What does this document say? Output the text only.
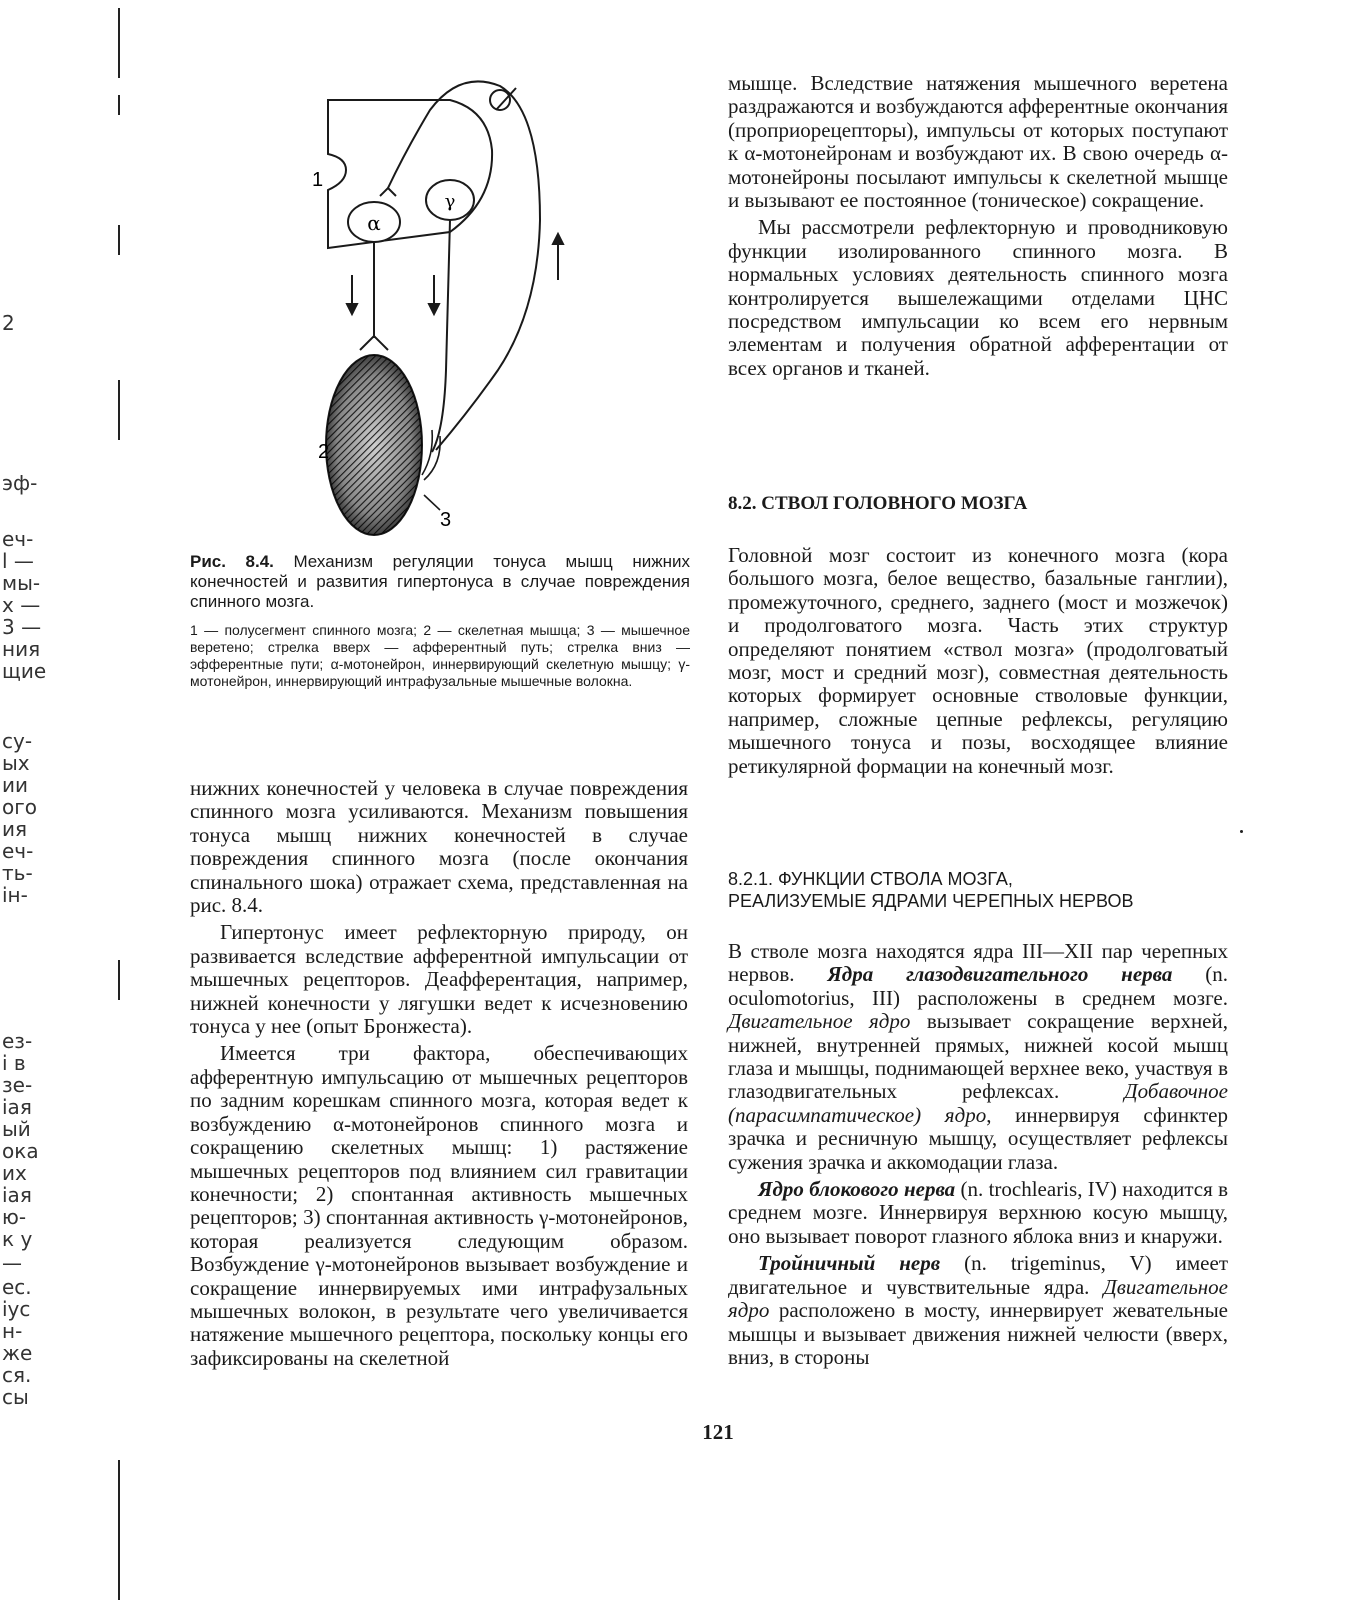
2
эф-
еч-
l —
мы-
x —
3 —
ния
щие
су-
ых
ии
ого
ия
еч-
ть-
ін-
ез-
і в
зе-
іая
ый
ока
их
іая
ю-
к у
—
ес.
іус
н-
же
ся.
сы
α
γ
1
2
3

Рис. 8.4. Механизм регуляции тонуса мышц нижних конечностей и развития гипертонуса в случае повреждения спинного мозга.

1 — полусегмент спинного мозга; 2 — скелетная мышца; 3 — мышечное веретено; стрелка вверх — афферентный путь; стрелка вниз — эфферентные пути; α-мотонейрон, иннервирующий скелетную мышцу; γ-мотонейрон, иннервирующий интрафузальные мышечные волокна.

нижних конечностей у человека в случае повреждения спинного мозга усиливаются. Механизм повышения тонуса мышц нижних конечностей в случае повреждения спинного мозга (после окончания спинального шока) отражает схема, представленная на рис. 8.4.

Гипертонус имеет рефлекторную природу, он развивается вследствие афферентной импульсации от мышечных рецепторов. Деафферентация, например, нижней конечности у лягушки ведет к исчезновению тонуса у нее (опыт Бронжеста).

Имеется три фактора, обеспечивающих афферентную импульсацию от мышечных рецепторов по задним корешкам спинного мозга, которая ведет к возбуждению α-мотонейронов спинного мозга и сокращению скелетных мышц: 1) растяжение мышечных рецепторов под влиянием сил гравитации конечности; 2) спонтанная активность мышечных рецепторов; 3) спонтанная активность γ-мотонейронов, которая реализуется следующим образом. Возбуждение γ-мотонейронов вызывает возбуждение и сокращение иннервируемых ими интрафузальных мышечных волокон, в результате чего увеличивается натяжение мышечного рецептора, поскольку концы его зафиксированы на скелетной

мышце. Вследствие натяжения мышечного веретена раздражаются и возбуждаются афферентные окончания (проприорецепторы), импульсы от которых поступают к α-мотонейронам и возбуждают их. В свою очередь α-мотонейроны посылают импульсы к скелетной мышце и вызывают ее постоянное (тоническое) сокращение.

Мы рассмотрели рефлекторную и проводниковую функции изолированного спинного мозга. В нормальных условиях деятельность спинного мозга контролируется вышележащими отделами ЦНС посредством импульсации ко всем его нервным элементам и получения обратной афферентации от всех органов и тканей.

8.2. СТВОЛ ГОЛОВНОГО МОЗГА

Головной мозг состоит из конечного мозга (кора большого мозга, белое вещество, базальные ганглии), промежуточного, среднего, заднего (мост и мозжечок) и продолговатого мозга. Часть этих структур определяют понятием «ствол мозга» (продолговатый мозг, мост и средний мозг), совместная деятельность которых формирует основные стволовые функции, например, сложные цепные рефлексы, регуляцию мышечного тонуса и позы, восходящее влияние ретикулярной формации на конечный мозг.

8.2.1. ФУНКЦИИ СТВОЛА МОЗГА,
РЕАЛИЗУЕМЫЕ ЯДРАМИ ЧЕРЕПНЫХ НЕРВОВ

В стволе мозга находятся ядра III—XII пар черепных нервов. Ядра глазодвигательного нерва (n. oculomotorius, III) расположены в среднем мозге. Двигательное ядро вызывает сокращение верхней, нижней, внутренней прямых, нижней косой мышц глаза и мышцы, поднимающей верхнее веко, участвуя в глазодвигательных рефлексах. Добавочное (парасимпатическое) ядро, иннервируя сфинктер зрачка и ресничную мышцу, осуществляет рефлексы сужения зрачка и аккомодации глаза.

Ядро блокового нерва (n. trochlearis, IV) находится в среднем мозге. Иннервируя верхнюю косую мышцу, оно вызывает поворот глазного яблока вниз и кнаружи.

Тройничный нерв (n. trigeminus, V) имеет двигательное и чувствительные ядра. Двигательное ядро расположено в мосту, иннервирует жевательные мышцы и вызывает движения нижней челюсти (вверх, вниз, в стороны

121
